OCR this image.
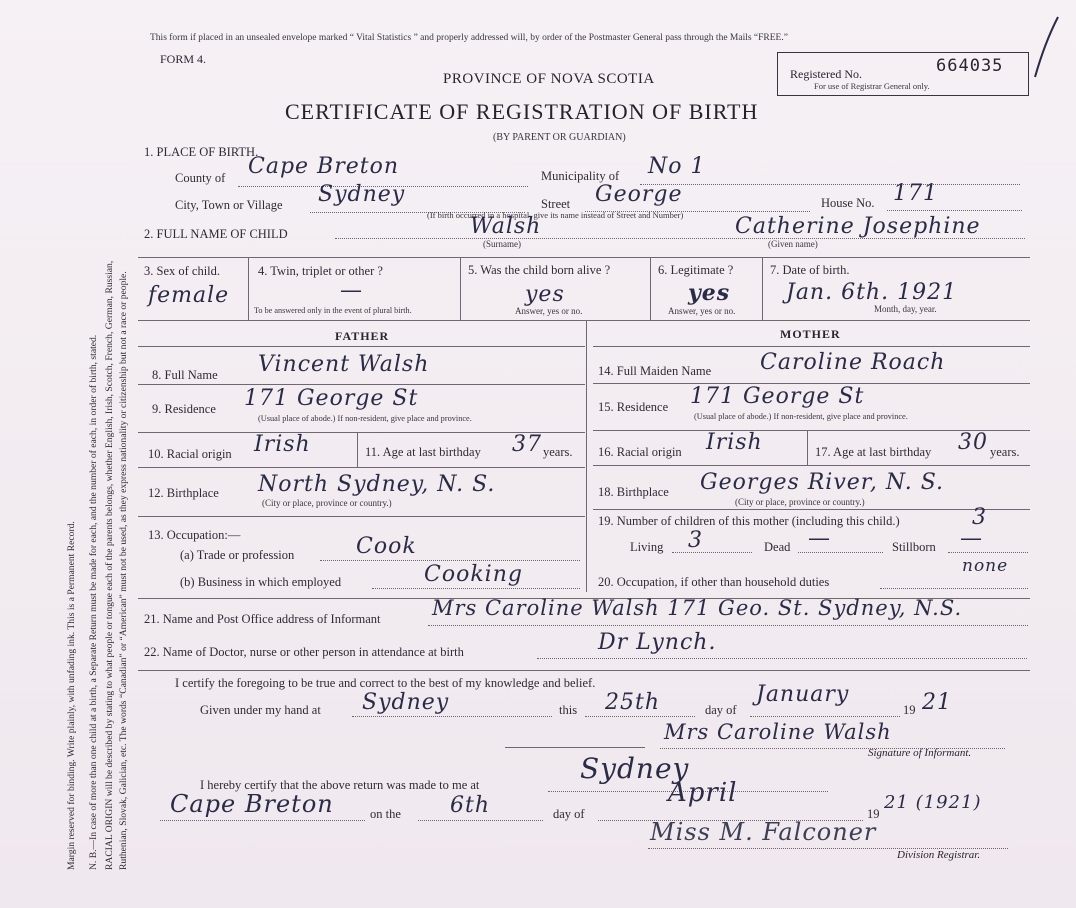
Margin reserved for binding. Write plainly, with unfading ink. This is a Permanent Record. N. B.—In case of more than one child at a birth, a Separate Return must be made for each, and the number of each, in order of birth, stated. RACIAL ORIGIN will be described by stating to what people or tongue each of the parents belongs, whether English, Irish, Scotch, French, German, Russian, Ruthenian, Slovak, Galician, etc. The words “Canadian” or “American” must not be used, as they express nationality or citizenship but not a race or people.
This form if placed in an unsealed envelope marked “ Vital Statistics ” and properly addressed will, by order of the Postmaster General pass through the Mails “FREE.”
FORM 4.
PROVINCE OF NOVA SCOTIA
CERTIFICATE OF REGISTRATION OF BIRTH
(BY PARENT OR GUARDIAN)
Registered No.	664035
For use of Registrar General only.
1. PLACE OF BIRTH.
County of Cape Breton	Municipality of No 1
City, Town or Village Sydney	Street George	House No. 171
(If birth occurred in a hospital, give its name instead of Street and Number)
2. FULL NAME OF CHILD	Walsh
(Surname)
Catherine Josephine
(Given name)
3. Sex of child.
female
4. Twin, triplet or other ?
—
To be answered only in the event of plural birth.
5. Was the child born alive ?
yes
Answer, yes or no.
6. Legitimate ?
yes
Answer, yes or no.
7. Date of birth.
Jan. 6th. 1921
Month, day, year.
FATHER	MOTHER
8. Full Name Vincent Walsh
9. Residence 171 George St
(Usual place of abode.) If non-resident, give place and province.
10. Racial origin Irish	11. Age at last birthday 37 years.
12. Birthplace North Sydney, N. S.
(City or place, province or country.)
13. Occupation:—
(a) Trade or profession	Cook
(b) Business in which employed	Cooking
14. Full Maiden Name Caroline Roach
15. Residence 171 George St
(Usual place of abode.) If non-resident, give place and province.
16. Racial origin Irish	17. Age at last birthday 30 years.
18. Birthplace Georges River, N. S.
(City or place, province or country.)
19. Number of children of this mother (including this child.)	3
Living 3	Dead —	Stillborn —
20. Occupation, if other than household duties
none
21. Name and Post Office address of Informant Mrs Caroline Walsh 171 Geo. St. Sydney, N.S.
22. Name of Doctor, nurse or other person in attendance at birth	Dr Lynch.
I certify the foregoing to be true and correct to the best of my knowledge and belief.
Given under my hand at Sydney	this 25th	day of
January
19 21
Mrs Caroline Walsh
Signature of Informant.
I hereby certify that the above return was made to me at	Sydney
Cape Breton	on the 6th	day of
April
19
21 (1921)
Miss M. Falconer
Division Registrar.
